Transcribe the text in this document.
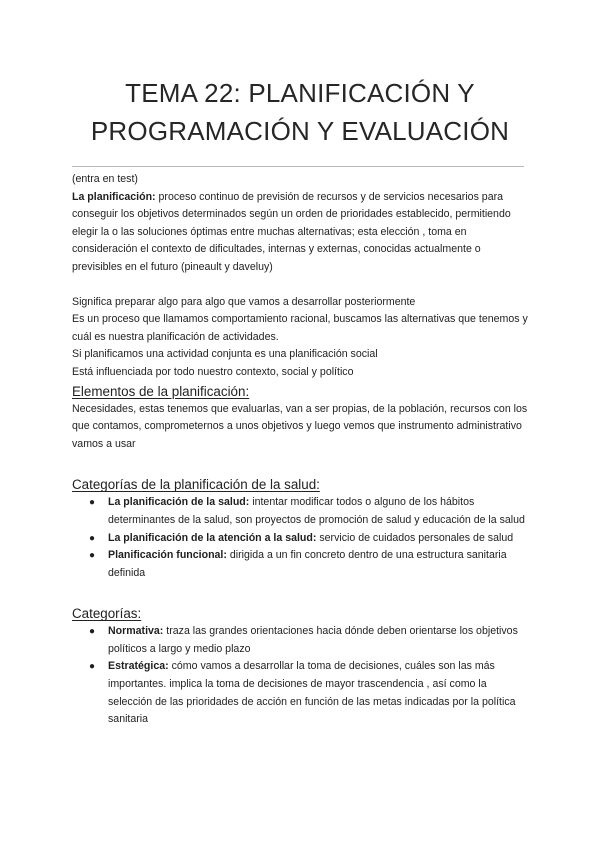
TEMA 22: PLANIFICACIÓN Y
PROGRAMACIÓN Y EVALUACIÓN

(entra en test)

La planificación: proceso continuo de previsión de recursos y de servicios necesarios para conseguir los objetivos determinados según un orden de prioridades establecido, permitiendo elegir la o las soluciones óptimas entre muchas alternativas; esta elección , toma en consideración el contexto de dificultades, internas y externas, conocidas actualmente o previsibles en el futuro (pineault y daveluy)

Significa preparar algo para algo que vamos a desarrollar posteriormente

Es un proceso que llamamos comportamiento racional, buscamos las alternativas que tenemos y cuál es nuestra planificación de actividades.

Si planificamos una actividad conjunta es una planificación social

Está influenciada por todo nuestro contexto, social y político

Elementos de la planificación:

Necesidades, estas tenemos que evaluarlas, van a ser propias, de la población, recursos con los que contamos, comprometernos a unos objetivos y luego vemos que instrumento administrativo vamos a usar

Categorías de la planificación de la salud:

● La planificación de la salud: intentar modificar todos o alguno de los hábitos determinantes de la salud, son proyectos de promoción de salud y educación de la salud
● La planificación de la atención a la salud: servicio de cuidados personales de salud
● Planificación funcional: dirigida a un fin concreto dentro de una estructura sanitaria definida

Categorías:

● Normativa: traza las grandes orientaciones hacia dónde deben orientarse los objetivos políticos a largo y medio plazo
● Estratégica: cómo vamos a desarrollar la toma de decisiones, cuáles son las más importantes. implica la toma de decisiones de mayor trascendencia , así como la selección de las prioridades de acción en función de las metas indicadas por la política sanitaria
